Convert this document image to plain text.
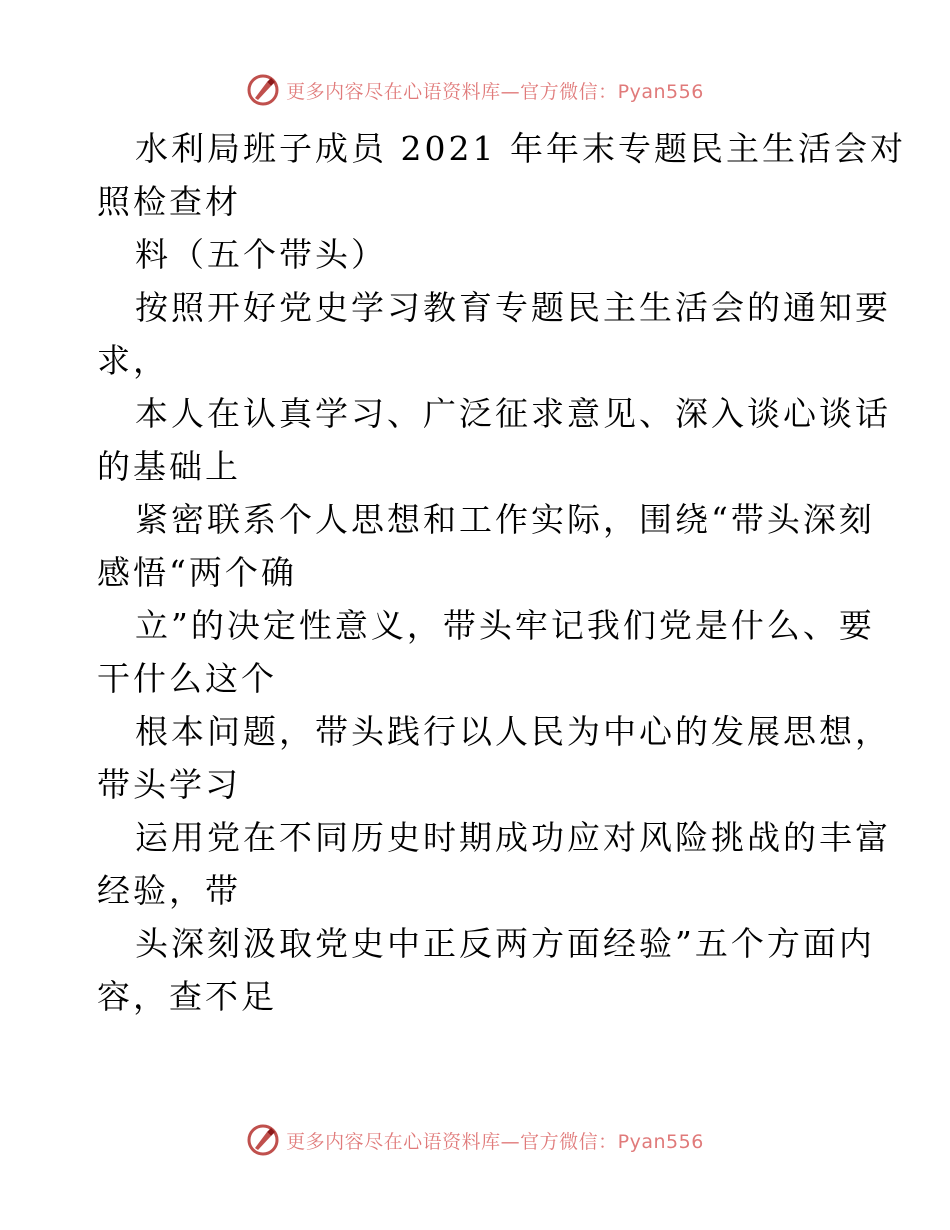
更多内容尽在心语资料库—官方微信：Pyan556
水利局班子成员 2021 年年末专题民主生活会对
照检查材
料（五个带头）
按照开好党史学习教育专题民主生活会的通知要
求，
本人在认真学习、广泛征求意见、深入谈心谈话
的基础上
紧密联系个人思想和工作实际，围绕“带头深刻
感悟“两个确
立”的决定性意义，带头牢记我们党是什么、要
干什么这个
根本问题，带头践行以人民为中心的发展思想，
带头学习
运用党在不同历史时期成功应对风险挑战的丰富
经验，带
头深刻汲取党史中正反两方面经验”五个方面内
容，查不足
更多内容尽在心语资料库—官方微信：Pyan556
